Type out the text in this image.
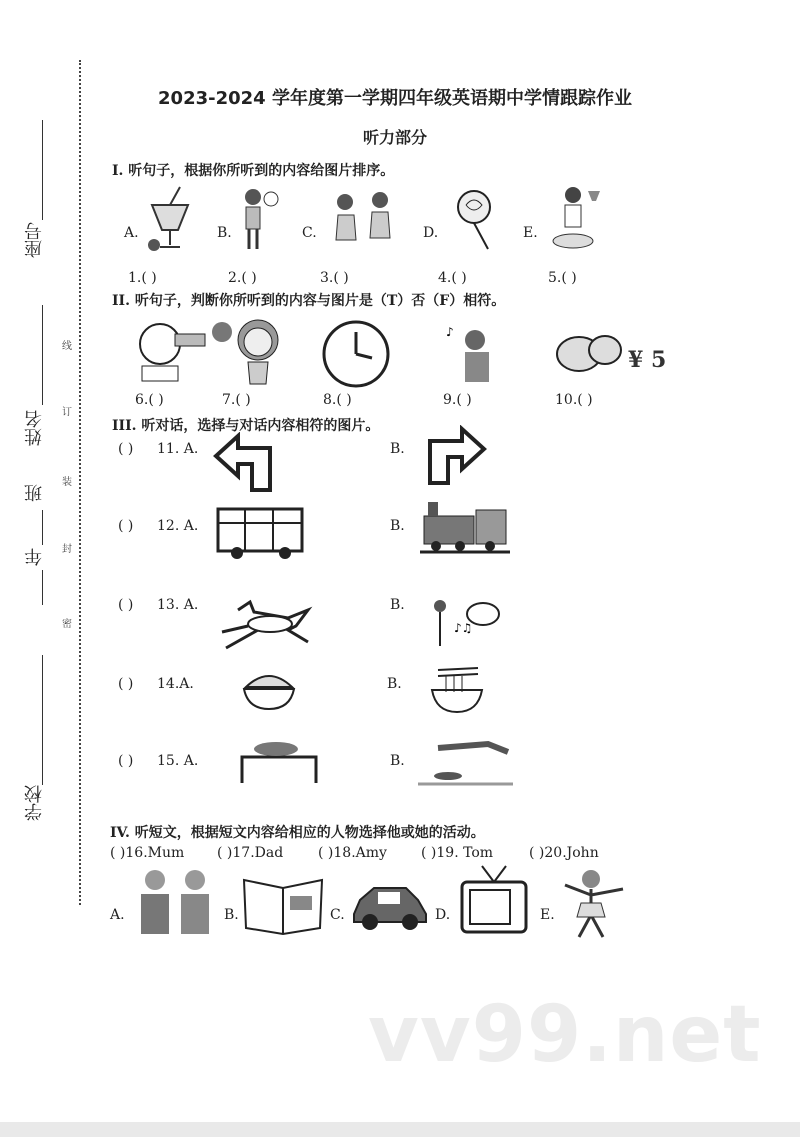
学校
年
班
姓名
座号
线
订
装
封
密
2023-2024 学年度第一学期四年级英语期中学情跟踪作业
听力部分
I. 听句子，根据你所听到的内容给图片排序。
A.	B.	C.	D.	E.
1.( )	2.( )	3.( )	4.( )	5.( )
II. 听句子，判断你所听到的内容与图片是（T）否（F）相符。
♪
¥ 5
6.( )	7.( )	8.( )	9.( )	10.( )
III. 听对话，选择与对话内容相符的图片。
( ) 11. A.	B.
( ) 12. A.	B.
( ) 13. A.	B.
♪♫
( ) 14.A.	B.
( ) 15. A.	B.
IV. 听短文，根据短文内容给相应的人物选择他或她的活动。
( )16.Mum ( )17.Dad ( )18.Amy ( )19. Tom	( )20.John
A.	B.	C.	D.	E.
vv99.net
